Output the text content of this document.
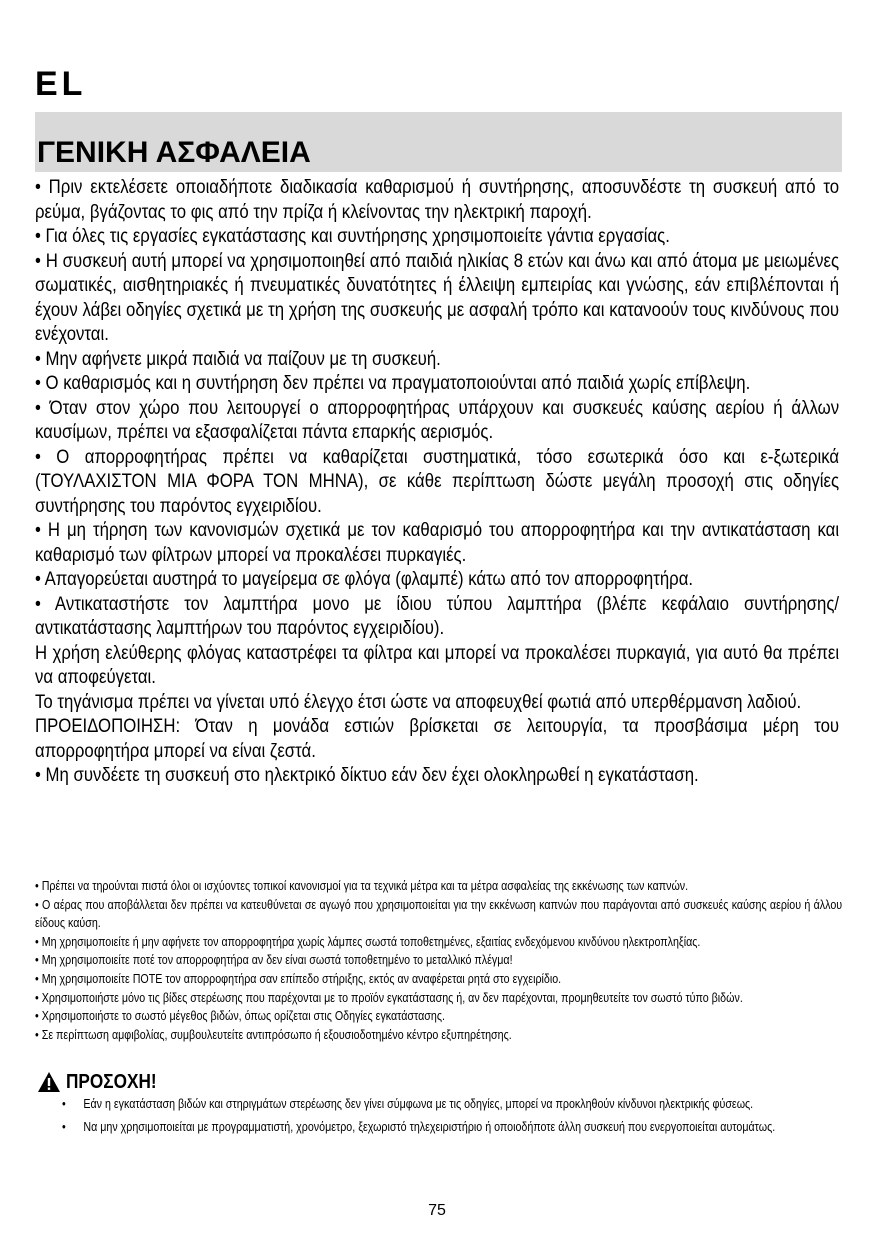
EL
ΓΕΝΙΚΗ ΑΣΦΑΛΕΙΑ
• Πριν εκτελέσετε οποιαδήποτε διαδικασία καθαρισμού ή συντήρησης, αποσυνδέστε τη συσκευή από το ρεύμα, βγάζοντας το φις από την πρίζα ή κλείνοντας την ηλεκτρική παροχή.
• Για όλες τις εργασίες εγκατάστασης και συντήρησης χρησιμοποιείτε γάντια εργασίας.
• Η συσκευή αυτή μπορεί να χρησιμοποιηθεί από παιδιά ηλικίας 8 ετών και άνω και από άτομα με μειωμένες σωματικές, αισθητηριακές ή πνευματικές δυνατότητες ή έλλειψη εμπειρίας και γνώσης, εάν επιβλέπονται ή έχουν λάβει οδηγίες σχετικά με τη χρήση της συσκευής με ασφαλή τρόπο και κατανοούν τους κινδύνους που ενέχονται.
• Μην αφήνετε μικρά παιδιά να παίζουν με τη συσκευή.
• Ο καθαρισμός και η συντήρηση δεν πρέπει να πραγματοποιούνται από παιδιά χωρίς επίβλεψη.
• Όταν στον χώρο που λειτουργεί ο απορροφητήρας υπάρχουν και συσκευές καύσης αερίου ή άλλων καυσίμων, πρέπει να εξασφαλίζεται πάντα επαρκής αερισμός.
• Ο απορροφητήρας πρέπει να καθαρίζεται συστηματικά, τόσο εσωτερικά όσο και ε-ξωτερικά (ΤΟΥΛΑΧΙΣΤΟΝ ΜΙΑ ΦΟΡΑ ΤΟΝ ΜΗΝΑ), σε κάθε περίπτωση δώστε μεγάλη προσοχή στις οδηγίες συντήρησης του παρόντος εγχειριδίου.
• Η μη τήρηση των κανονισμών σχετικά με τον καθαρισμό του απορροφητήρα και την αντικατάσταση και καθαρισμό των φίλτρων μπορεί να προκαλέσει πυρκαγιές.
• Απαγορεύεται αυστηρά το μαγείρεμα σε φλόγα (φλαμπέ) κάτω από τον απορροφητήρα.
• Αντικαταστήστε τον λαμπτήρα μονο με ίδιου τύπου λαμπτήρα (βλέπε κεφάλαιο συντήρησης/αντικατάστασης λαμπτήρων του παρόντος εγχειριδίου).
Η χρήση ελεύθερης φλόγας καταστρέφει τα φίλτρα και μπορεί να προκαλέσει πυρκαγιά, για αυτό θα πρέπει να αποφεύγεται.
Το τηγάνισμα πρέπει να γίνεται υπό έλεγχο έτσι ώστε να αποφευχθεί φωτιά από υπερθέρμανση λαδιού.
ΠΡΟΕΙΔΟΠΟΙΗΣΗ: Όταν η μονάδα εστιών βρίσκεται σε λειτουργία, τα προσβάσιμα μέρη του απορροφητήρα μπορεί να είναι ζεστά.
• Μη συνδέετε τη συσκευή στο ηλεκτρικό δίκτυο εάν δεν έχει ολοκληρωθεί η εγκατάσταση.
• Πρέπει να τηρούνται πιστά όλοι οι ισχύοντες τοπικοί κανονισμοί για τα τεχνικά μέτρα και τα μέτρα ασφαλείας της εκκένωσης των καπνών.
• Ο αέρας που αποβάλλεται δεν πρέπει να κατευθύνεται σε αγωγό που χρησιμοποιείται για την εκκένωση καπνών που παράγονται από συσκευές καύσης αερίου ή άλλου είδους καύση.
• Μη χρησιμοποιείτε ή μην αφήνετε τον απορροφητήρα χωρίς λάμπες σωστά τοποθετημένες, εξαιτίας ενδεχόμενου κινδύνου ηλεκτροπληξίας.
• Μη χρησιμοποιείτε ποτέ τον απορροφητήρα αν δεν είναι σωστά τοποθετημένο το μεταλλικό πλέγμα!
• Μη χρησιμοποιείτε ΠΟΤΕ τον απορροφητήρα σαν επίπεδο στήριξης, εκτός αν αναφέρεται ρητά στο εγχειρίδιο.
• Χρησιμοποιήστε μόνο τις βίδες στερέωσης που παρέχονται με το προϊόν εγκατάστασης ή, αν δεν παρέχονται, προμηθευτείτε τον σωστό τύπο βιδών.
• Χρησιμοποιήστε το σωστό μέγεθος βιδών, όπως ορίζεται στις Οδηγίες εγκατάστασης.
• Σε περίπτωση αμφιβολίας, συμβουλευτείτε αντιπρόσωπο ή εξουσιοδοτημένο κέντρο εξυπηρέτησης.
ΠΡΟΣΟΧΗ!
• Εάν η εγκατάσταση βιδών και στηριγμάτων στερέωσης δεν γίνει σύμφωνα με τις οδηγίες, μπορεί να προκληθούν κίνδυνοι ηλεκτρικής φύσεως.
• Να μην χρησιμοποιείται με προγραμματιστή, χρονόμετρο, ξεχωριστό τηλεχειριστήριο ή οποιοδήποτε άλλη συσκευή που ενεργοποιείται αυτομάτως.
75
